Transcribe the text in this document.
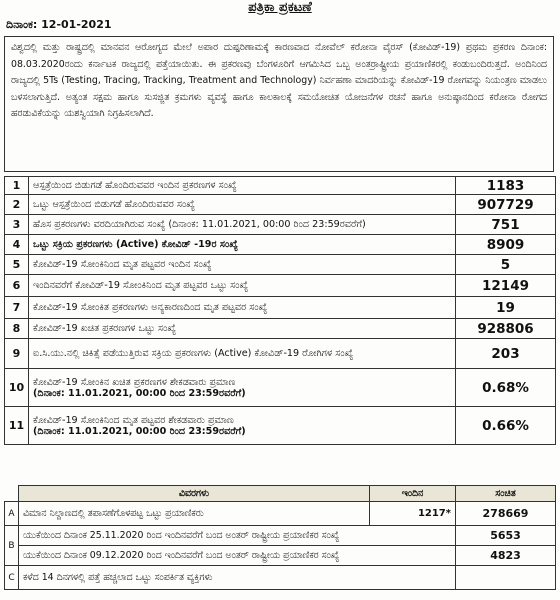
ಪತ್ರಿಕಾ ಪ್ರಕಟಣೆ
ದಿನಾಂಕ: 12-01-2021
ವಿಶ್ವದಲ್ಲಿ ಮತ್ತು ರಾಷ್ಟ್ರದಲ್ಲಿ ಮಾನವನ ಆರೋಗ್ಯದ ಮೇಲೆ ಅಪಾರ ದುಷ್ಪರಿಣಾಮಕ್ಕೆ ಕಾರಣವಾದ ನೋವೆಲ್ ಕರೋನಾ ವೈರಸ್ (ಕೋವಿಡ್-19) ಪ್ರಥಮ ಪ್ರಕರಣ ದಿನಾಂಕ: 08.03.2020ರಂದು ಕರ್ನಾಟಕ ರಾಜ್ಯದಲ್ಲಿ ಪತ್ತೆಯಾಯಿತು. ಈ ಪ್ರಕರಣವು ಬೆಂಗಳೂರಿಗೆ ಆಗಮಿಸಿದ ಒಬ್ಬ ಅಂತರ್ರಾಷ್ಟ್ರೀಯ ಪ್ರಯಾಣಿಕರಲ್ಲಿ ಕಂಡುಬಂದಿರುತ್ತದೆ. ಅಂದಿನಿಂದ ರಾಜ್ಯದಲ್ಲಿ 5Ts (Testing, Tracing, Tracking, Treatment and Technology) ನಿರ್ವಹಣಾ ಮಾದರಿಯನ್ನು ಕೋವಿಡ್-19 ರೋಗವನ್ನು ನಿಯಂತ್ರಣ ಮಾಡಲು ಬಳಸಲಾಗುತ್ತಿದೆ. ಅತ್ಯಂತ ಸಕ್ಷಮ ಹಾಗೂ ಸುಸಜ್ಜಿತ ಕ್ರಮಗಳು ವ್ಯವಸ್ಥೆ ಹಾಗೂ ಕಾಲಕಾಲಕ್ಕೆ ಸಮಯೋಚಿತ ಯೋಜನೆಗಳ ರಚನೆ ಹಾಗೂ ಅನುಷ್ಠಾನದಿಂದ ಕರೋನಾ ರೋಗದ ಹರಡುವಿಕೆಯನ್ನು ಯಶಸ್ವಿಯಾಗಿ ನಿಗ್ರಹಿಸಲಾಗಿದೆ.
1	ಆಸ್ಪತ್ರೆಯಿಂದ ಬಿಡುಗಡೆ ಹೊಂದಿರುವವರ ಇಂದಿನ ಪ್ರಕರಣಗಳ ಸಂಖ್ಯೆ	1183
2	ಒಟ್ಟು ಆಸ್ಪತ್ರೆಯಿಂದ ಬಿಡುಗಡೆ ಹೊಂದಿರುವವರ ಸಂಖ್ಯೆ	907729
3	ಹೊಸ ಪ್ರಕರಣಗಳು ವರದಿಯಾಗಿರುವ ಸಂಖ್ಯೆ (ದಿನಾಂಕ: 11.01.2021, 00:00 ರಿಂದ 23:59ರವರೆಗೆ)	751
4	ಒಟ್ಟು ಸಕ್ರಿಯ ಪ್ರಕರಣಗಳು (Active) ಕೋವಿಡ್ -19ರ ಸಂಖ್ಯೆ	8909
5	ಕೋವಿಡ್-19 ಸೋಂಕಿನಿಂದ ಮೃತ ಪಟ್ಟವರ ಇಂದಿನ ಸಂಖ್ಯೆ	5
6	ಇಂದಿನವರೆಗೆ ಕೋವಿಡ್-19 ಸೋಂಕಿನಿಂದ ಮೃತ ಪಟ್ಟವರ ಒಟ್ಟು ಸಂಖ್ಯೆ	12149
7	ಕೋವಿಡ್-19 ಸೋಂಕಿತ ಪ್ರಕರಣಗಳು ಅನ್ಯಕಾರಣದಿಂದ ಮೃತ ಪಟ್ಟವರ ಸಂಖ್ಯೆ	19
8	ಕೋವಿಡ್-19 ಖಚಿತ ಪ್ರಕರಣಗಳ ಒಟ್ಟು ಸಂಖ್ಯೆ	928806
9	ಐ.ಸಿ.ಯು.ನಲ್ಲಿ ಚಿಕಿತ್ಸೆ ಪಡೆಯುತ್ತಿರುವ ಸಕ್ರಿಯ ಪ್ರಕರಣಗಳು (Active) ಕೋವಿಡ್-19 ರೋಗಿಗಳ ಸಂಖ್ಯೆ	203
10	ಕೋವಿಡ್-19 ಸೋಂಕಿನ ಖಚಿತ ಪ್ರಕರಣಗಳ ಶೇಕಡವಾರು ಪ್ರಮಾಣ
(ದಿನಾಂಕ: 11.01.2021, 00:00 ರಿಂದ 23:59ರವರೆಗೆ)	0.68%
11	ಕೋವಿಡ್-19 ಸೋಂಕಿನಿಂದ ಮೃತ ಪಟ್ಟವರ ಶೇಕಡವಾರು ಪ್ರಮಾಣ
(ದಿನಾಂಕ: 11.01.2021, 00:00 ರಿಂದ 23:59ರವರೆಗೆ)	0.66%
	ವಿವರಗಳು	ಇಂದಿನ	ಸಂಚಿತ
A	ವಿಮಾನ ನಿಲ್ದಾಣದಲ್ಲಿ ತಪಾಸಣೆಗೊಳಪಟ್ಟ ಒಟ್ಟು ಪ್ರಯಾಣಿಕರು	1217*	278669
B	ಯುಕೆಯಿಂದ ದಿನಾಂಕ 25.11.2020 ರಿಂದ ಇಂದಿನವರೆಗೆ ಬಂದ ಅಂತರ್ ರಾಷ್ಟ್ರೀಯ ಪ್ರಯಾಣಿಕರ ಸಂಖ್ಯೆ		5653
	ಯುಕೆಯಿಂದ ದಿನಾಂಕ 09.12.2020 ರಿಂದ ಇಂದಿನವರೆಗೆ ಬಂದ ಅಂತರ್ ರಾಷ್ಟ್ರೀಯ ಪ್ರಯಾಣಿಕರ ಸಂಖ್ಯೆ		4823
C	ಕಳೆದ 14 ದಿನಗಳಲ್ಲಿ ಪತ್ತೆ ಹಚ್ಚಲಾದ ಒಟ್ಟು ಸಂಪರ್ಕಿತ ವ್ಯಕ್ತಿಗಳು		
